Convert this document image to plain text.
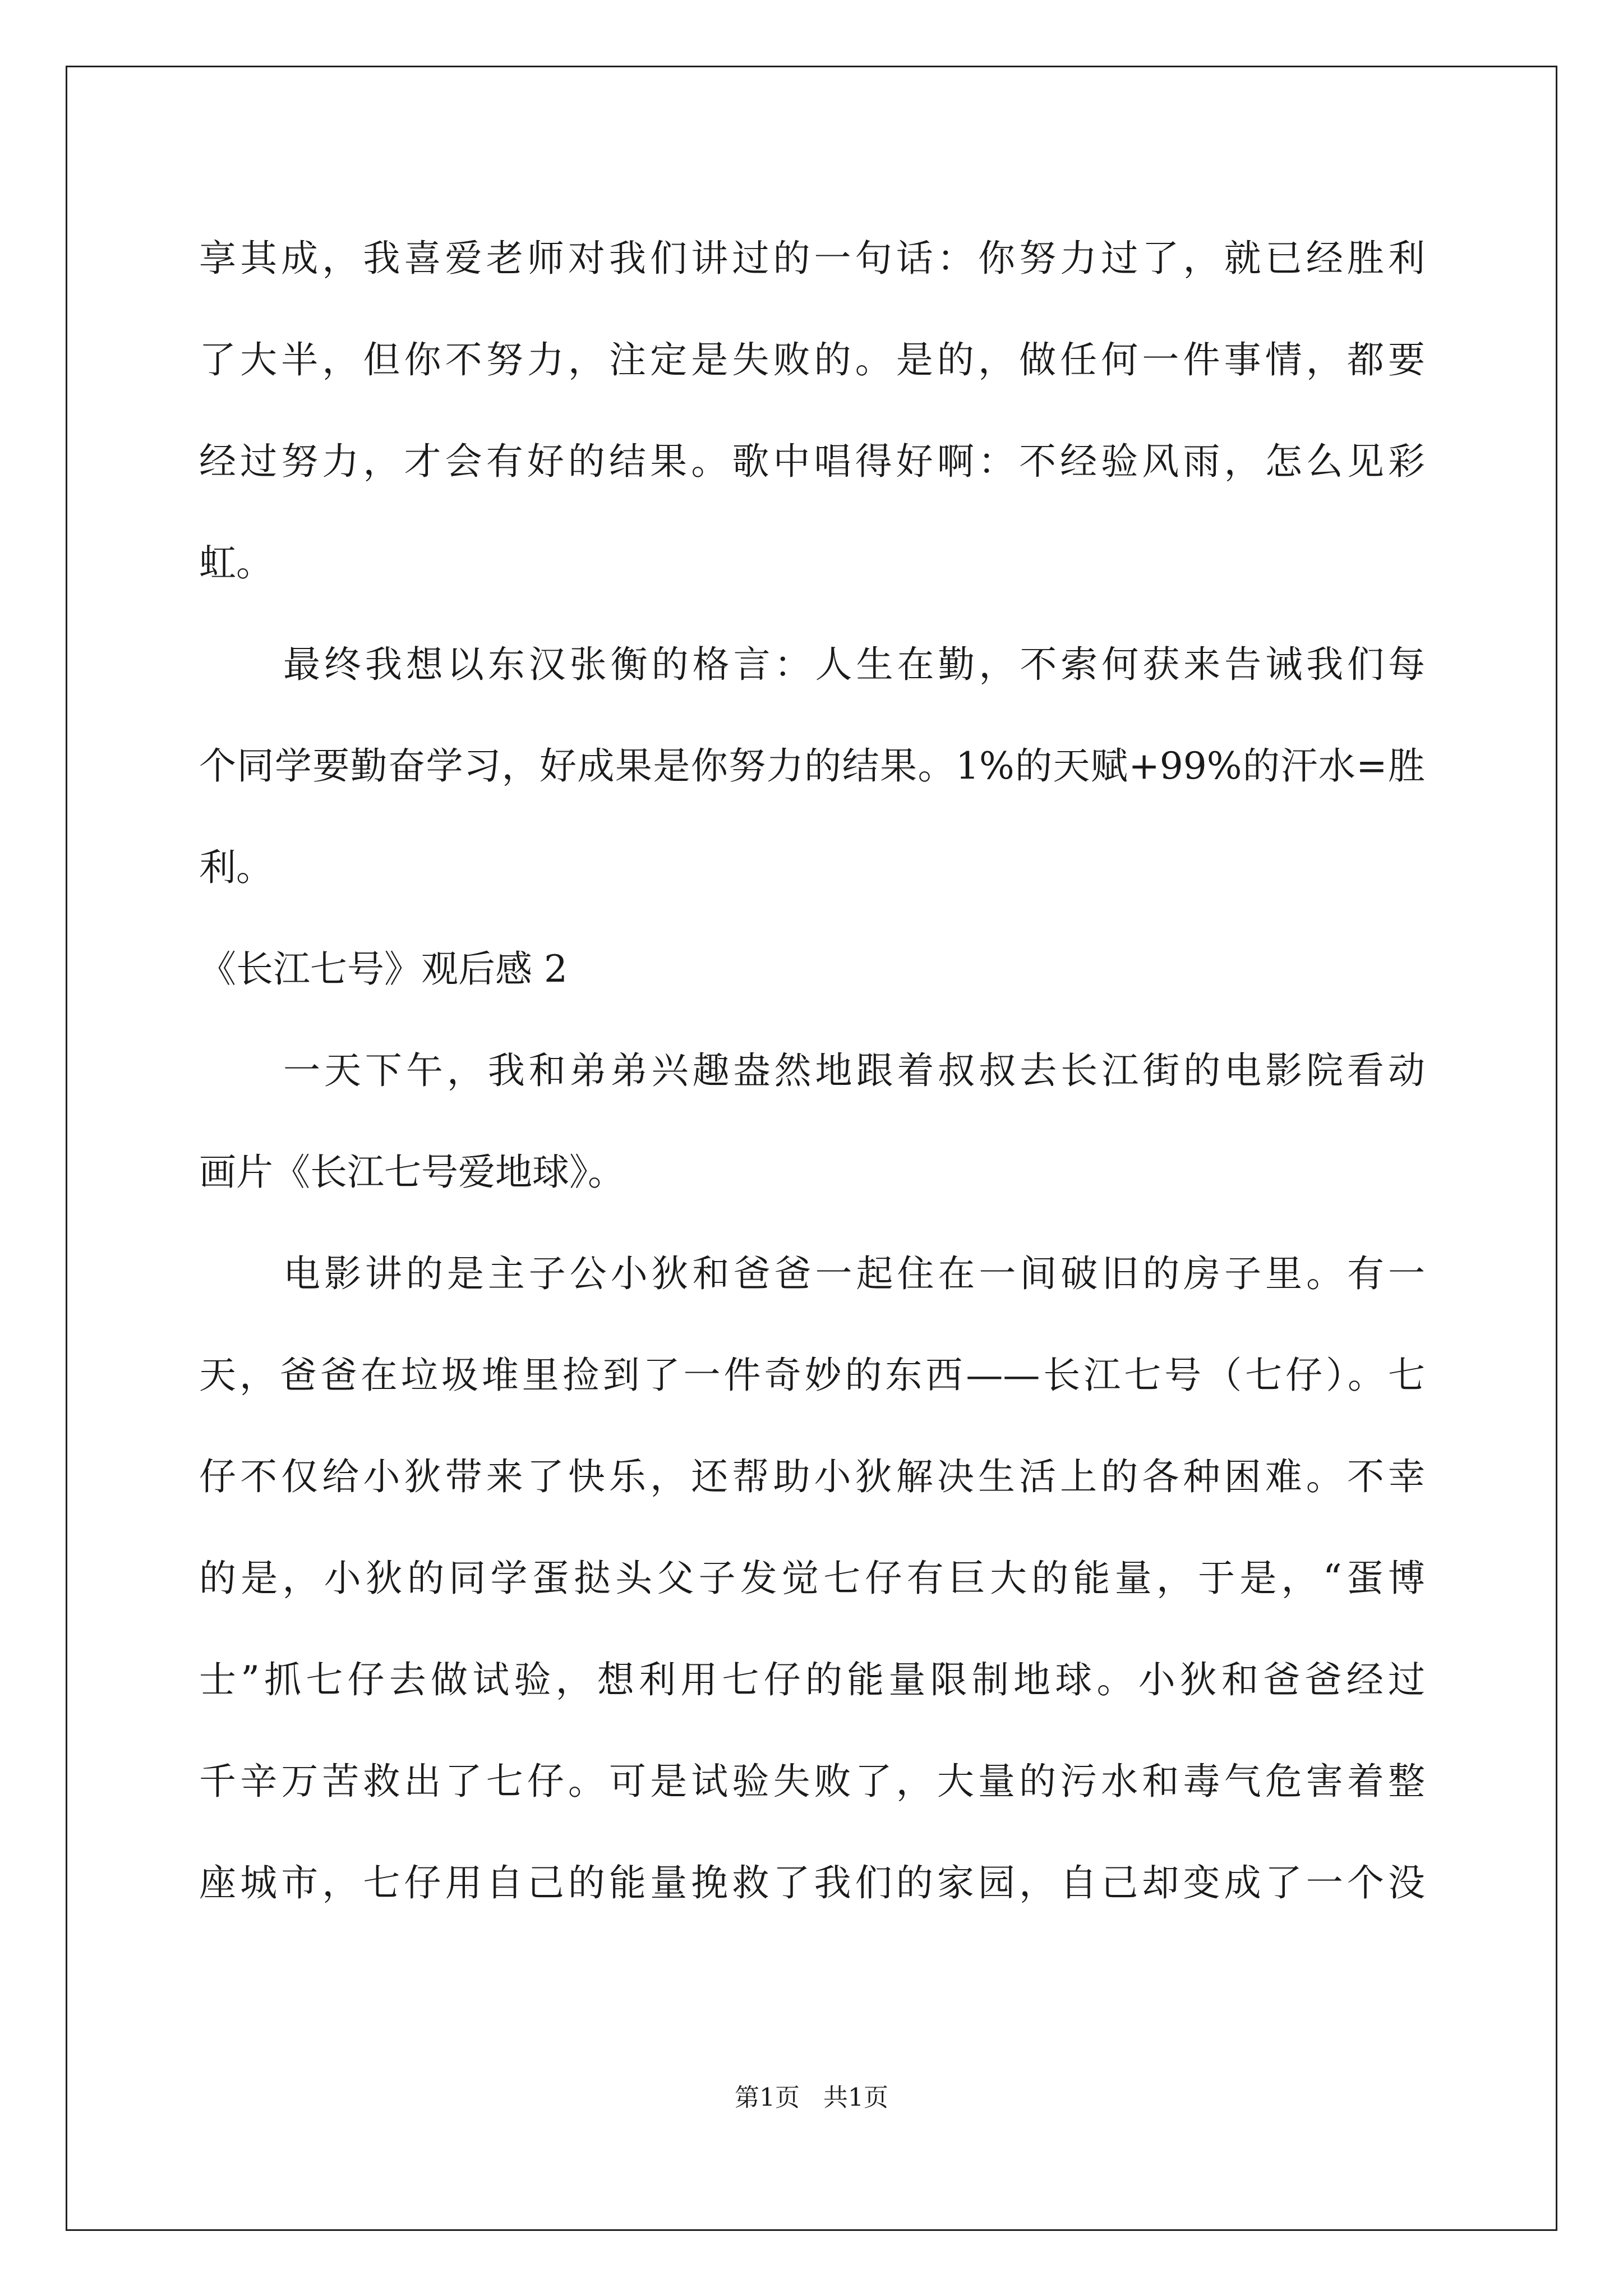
享其成，我喜爱老师对我们讲过的一句话：你努力过了，就已经胜利
了大半，但你不努力，注定是失败的。是的，做任何一件事情，都要
经过努力，才会有好的结果。歌中唱得好啊：不经验风雨，怎么见彩
虹。
最终我想以东汉张衡的格言：人生在勤，不索何获来告诫我们每
个同学要勤奋学习，好成果是你努力的结果。1%的天赋+99%的汗水=胜
利。
《长江七号》观后感 2
一天下午，我和弟弟兴趣盎然地跟着叔叔去长江街的电影院看动
画片《长江七号爱地球》。
电影讲的是主子公小狄和爸爸一起住在一间破旧的房子里。有一
天，爸爸在垃圾堆里捡到了一件奇妙的东西——长江七号（七仔）。七
仔不仅给小狄带来了快乐，还帮助小狄解决生活上的各种困难。不幸
的是，小狄的同学蛋挞头父子发觉七仔有巨大的能量，于是，“蛋博
士”抓七仔去做试验，想利用七仔的能量限制地球。小狄和爸爸经过
千辛万苦救出了七仔。可是试验失败了，大量的污水和毒气危害着整
座城市，七仔用自己的能量挽救了我们的家园，自己却变成了一个没
第1页 共1页
